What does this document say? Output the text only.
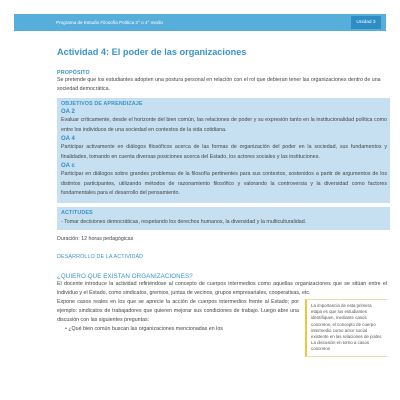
Programa de Estudio Filosofía Política 3° o 4° medio	Unidad 3
Actividad 4: El poder de las organizaciones
PROPÓSITO

Se pretende que los estudiantes adopten una postura personal en relación con el rol que debieran tener las organizaciones dentro de una sociedad democrática.

OBJETIVOS DE APRENDIZAJE
OA 2

Evaluar críticamente, desde el horizonte del bien común, las relaciones de poder y su expresión tanto en la institucionalidad política como entre los individuos de una sociedad en contextos de la vida cotidiana.

OA 4

Participar activamente en diálogos filosóficos acerca de las formas de organización del poder en la sociedad, sus fundamentos y finalidades, tomando en cuenta diversas posiciones acerca del Estado, los actores sociales y las instituciones.

OA c

Participar en diálogos sobre grandes problemas de la filosofía pertinentes para sus contextos, sostenidos a partir de argumentos de los distintos participantes, utilizando métodos de razonamiento filosófico y valorando la controversia y la diversidad como factores fundamentales para el desarrollo del pensamiento.

ACTITUDES

- Tomar decisiones democráticas, respetando los derechos humanos, la diversidad y la multiculturalidad.

Duración: 12 horas pedagógicas

DESARROLLO DE LA ACTIVIDAD
¿QUIERO QUE EXISTAN ORGANIZACIONES?

El docente introduce la actividad refiriéndose al concepto de cuerpos intermedios como aquellas organizaciones que se sitúan entre el individuo y el Estado, como sindicatos, gremios, juntas de vecinos, grupos empresariales, cooperativas, etc.

Expone casos reales en los que se aprecie la acción de cuerpos intermedios frente al Estado; por ejemplo: sindicatos de trabajadores que quieren mejorar sus condiciones de trabajo. Luego abre una discusión con las siguientes preguntas:

• ¿Qué bien común buscan las organizaciones mencionadas en los

La importancia de esta primera etapa es que los estudiantes identifiquen, mediante casos concretos, el concepto de cuerpo intermedio como actor social existente en las relaciones de poder. La discusión en torno a casos concretos
